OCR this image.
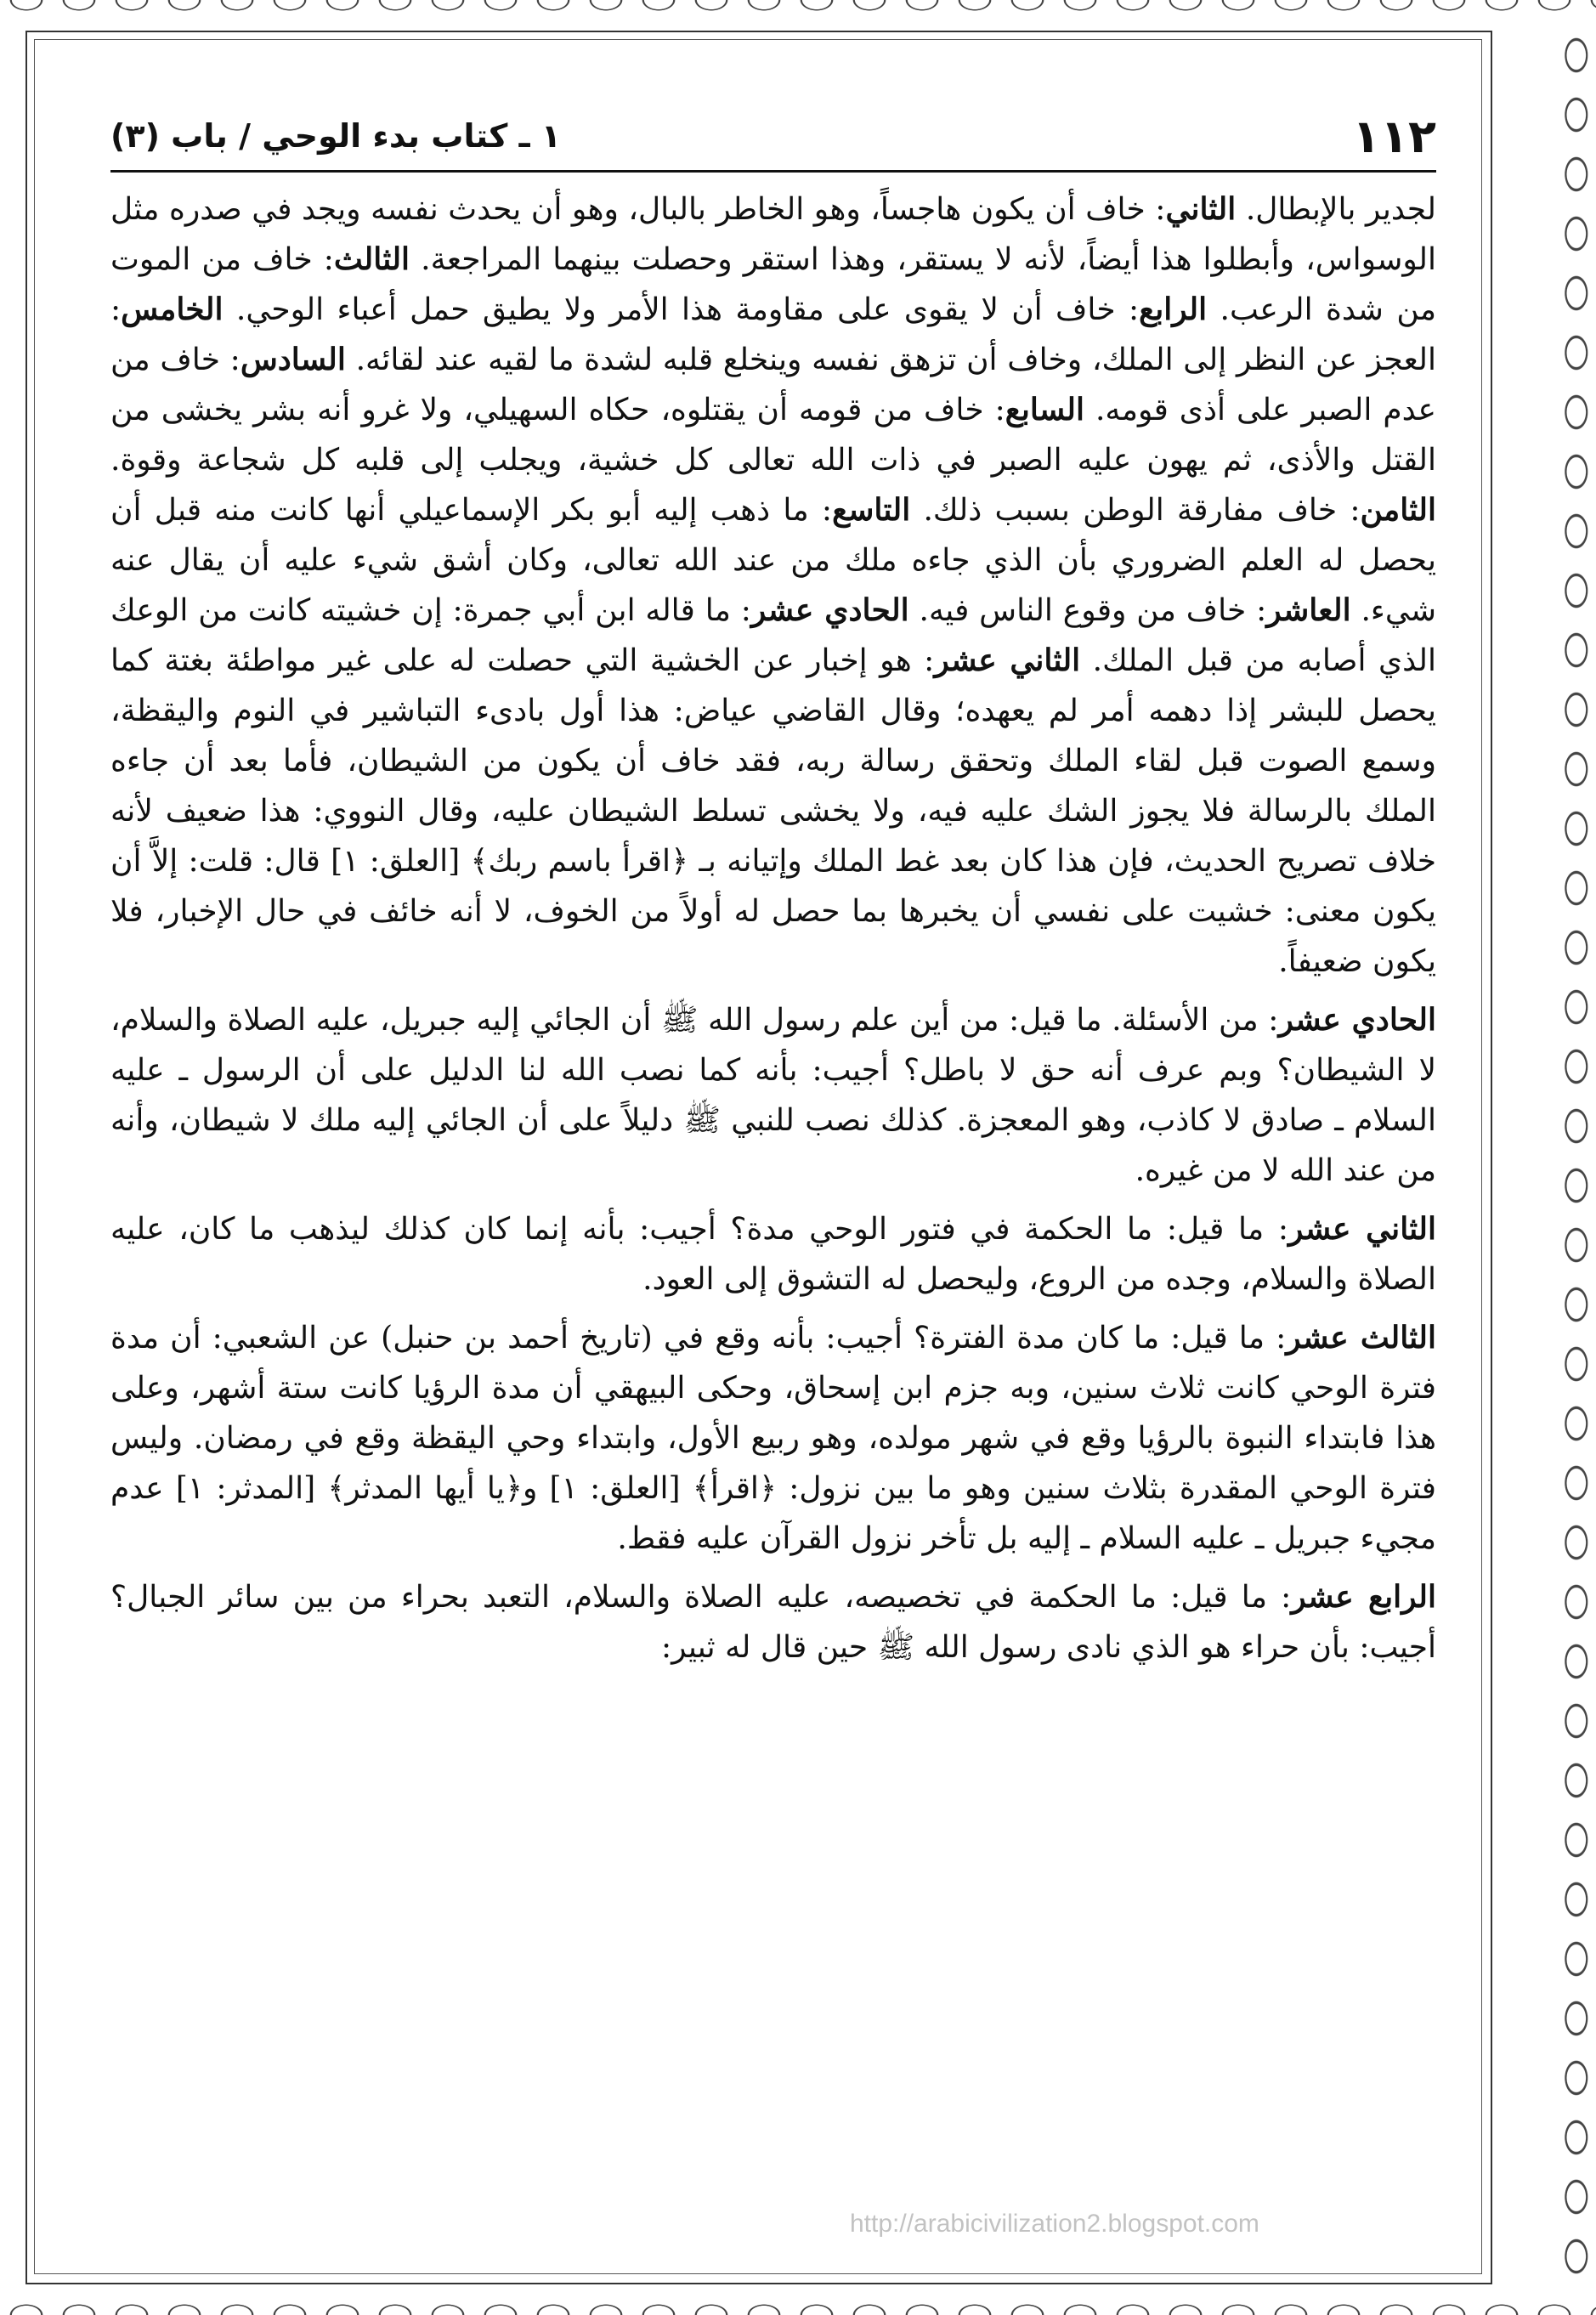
١١٢
١ ـ كتاب بدء الوحي / باب (٣)

لجدير بالإبطال. الثاني: خاف أن يكون هاجساً، وهو الخاطر بالبال، وهو أن يحدث نفسه ويجد في صدره مثل الوسواس، وأبطلوا هذا أيضاً، لأنه لا يستقر، وهذا استقر وحصلت بينهما المراجعة. الثالث: خاف من الموت من شدة الرعب. الرابع: خاف أن لا يقوى على مقاومة هذا الأمر ولا يطيق حمل أعباء الوحي. الخامس: العجز عن النظر إلى الملك، وخاف أن تزهق نفسه وينخلع قلبه لشدة ما لقيه عند لقائه. السادس: خاف من عدم الصبر على أذى قومه. السابع: خاف من قومه أن يقتلوه، حكاه السهيلي، ولا غرو أنه بشر يخشى من القتل والأذى، ثم يهون عليه الصبر في ذات الله تعالى كل خشية، ويجلب إلى قلبه كل شجاعة وقوة. الثامن: خاف مفارقة الوطن بسبب ذلك. التاسع: ما ذهب إليه أبو بكر الإسماعيلي أنها كانت منه قبل أن يحصل له العلم الضروري بأن الذي جاءه ملك من عند الله تعالى، وكان أشق شيء عليه أن يقال عنه شيء. العاشر: خاف من وقوع الناس فيه. الحادي عشر: ما قاله ابن أبي جمرة: إن خشيته كانت من الوعك الذي أصابه من قبل الملك. الثاني عشر: هو إخبار عن الخشية التي حصلت له على غير مواطئة بغتة كما يحصل للبشر إذا دهمه أمر لم يعهده؛ وقال القاضي عياض: هذا أول بادىء التباشير في النوم واليقظة، وسمع الصوت قبل لقاء الملك وتحقق رسالة ربه، فقد خاف أن يكون من الشيطان، فأما بعد أن جاءه الملك بالرسالة فلا يجوز الشك عليه فيه، ولا يخشى تسلط الشيطان عليه، وقال النووي: هذا ضعيف لأنه خلاف تصريح الحديث، فإن هذا كان بعد غط الملك وإتيانه بـ ﴿اقرأ باسم ربك﴾ [العلق: ١] قال: قلت: إلاَّ أن يكون معنى: خشيت على نفسي أن يخبرها بما حصل له أولاً من الخوف، لا أنه خائف في حال الإخبار، فلا يكون ضعيفاً.

الحادي عشر: من الأسئلة. ما قيل: من أين علم رسول الله ﷺ أن الجائي إليه جبريل، عليه الصلاة والسلام، لا الشيطان؟ وبم عرف أنه حق لا باطل؟ أجيب: بأنه كما نصب الله لنا الدليل على أن الرسول ـ عليه السلام ـ صادق لا كاذب، وهو المعجزة. كذلك نصب للنبي ﷺ دليلاً على أن الجائي إليه ملك لا شيطان، وأنه من عند الله لا من غيره.

الثاني عشر: ما قيل: ما الحكمة في فتور الوحي مدة؟ أجيب: بأنه إنما كان كذلك ليذهب ما كان، عليه الصلاة والسلام، وجده من الروع، وليحصل له التشوق إلى العود.

الثالث عشر: ما قيل: ما كان مدة الفترة؟ أجيب: بأنه وقع في (تاريخ أحمد بن حنبل) عن الشعبي: أن مدة فترة الوحي كانت ثلاث سنين، وبه جزم ابن إسحاق، وحكى البيهقي أن مدة الرؤيا كانت ستة أشهر، وعلى هذا فابتداء النبوة بالرؤيا وقع في شهر مولده، وهو ربيع الأول، وابتداء وحي اليقظة وقع في رمضان. وليس فترة الوحي المقدرة بثلاث سنين وهو ما بين نزول: ﴿اقرأ﴾ [العلق: ١] و﴿يا أيها المدثر﴾ [المدثر: ١] عدم مجيء جبريل ـ عليه السلام ـ إليه بل تأخر نزول القرآن عليه فقط.

الرابع عشر: ما قيل: ما الحكمة في تخصيصه، عليه الصلاة والسلام، التعبد بحراء من بين سائر الجبال؟ أجيب: بأن حراء هو الذي نادى رسول الله ﷺ حين قال له ثبير:

http://arabicivilization2.blogspot.com
